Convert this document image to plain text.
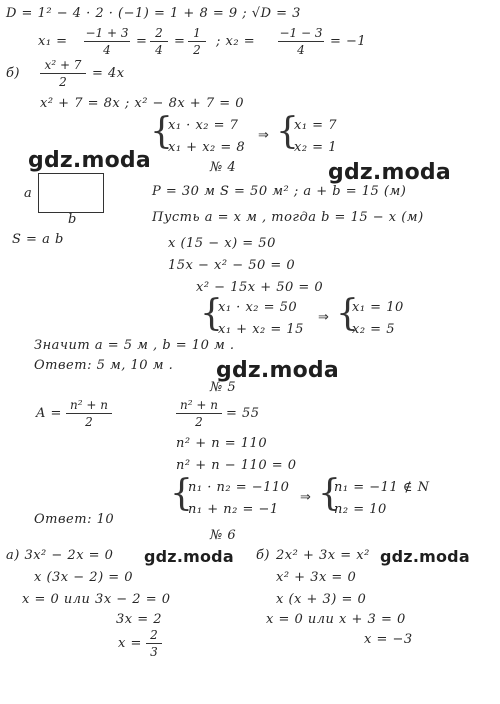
D = 1² − 4 · 2 · (−1) = 1 + 8 = 9 ; √D = 3
x₁ =
−1 + 3
4
=
2
4
=
1
2
; x₂ =
−1 − 3
4
= −1
б)
x² + 7
2
= 4x
x² + 7 = 8x ; x² − 8x + 7 = 0
{
x₁ · x₂ = 7
x₁ + x₂ = 8
⇒ {
x₁ = 7
x₂ = 1
№ 4
a
b
S = a b
P = 30 м S = 50 м² ; a + b = 15 (м)
Пусть a = x м , тогда b = 15 − x (м)
x (15 − x) = 50
15x − x² − 50 = 0
x² − 15x + 50 = 0
{
x₁ · x₂ = 50
x₁ + x₂ = 15
⇒ {
x₁ = 10
x₂ = 5
Значит a = 5 м , b = 10 м .
Ответ: 5 м, 10 м .
№ 5
A =
n² + n
2
n² + n
2
= 55
n² + n = 110
n² + n − 110 = 0
{
n₁ · n₂ = −110
n₁ + n₂ = −1
⇒ {
n₁ = −11 ∉ N
n₂ = 10
Ответ: 10
№ 6
а) 3x² − 2x = 0
x (3x − 2) = 0
x = 0 или 3x − 2 = 0
3x = 2
x =
2
3
б) 2x² + 3x = x²
x² + 3x = 0
x (x + 3) = 0
x = 0 или x + 3 = 0
x = −3
gdz.moda	gdz.moda
gdz.moda
gdz.moda	gdz.moda
